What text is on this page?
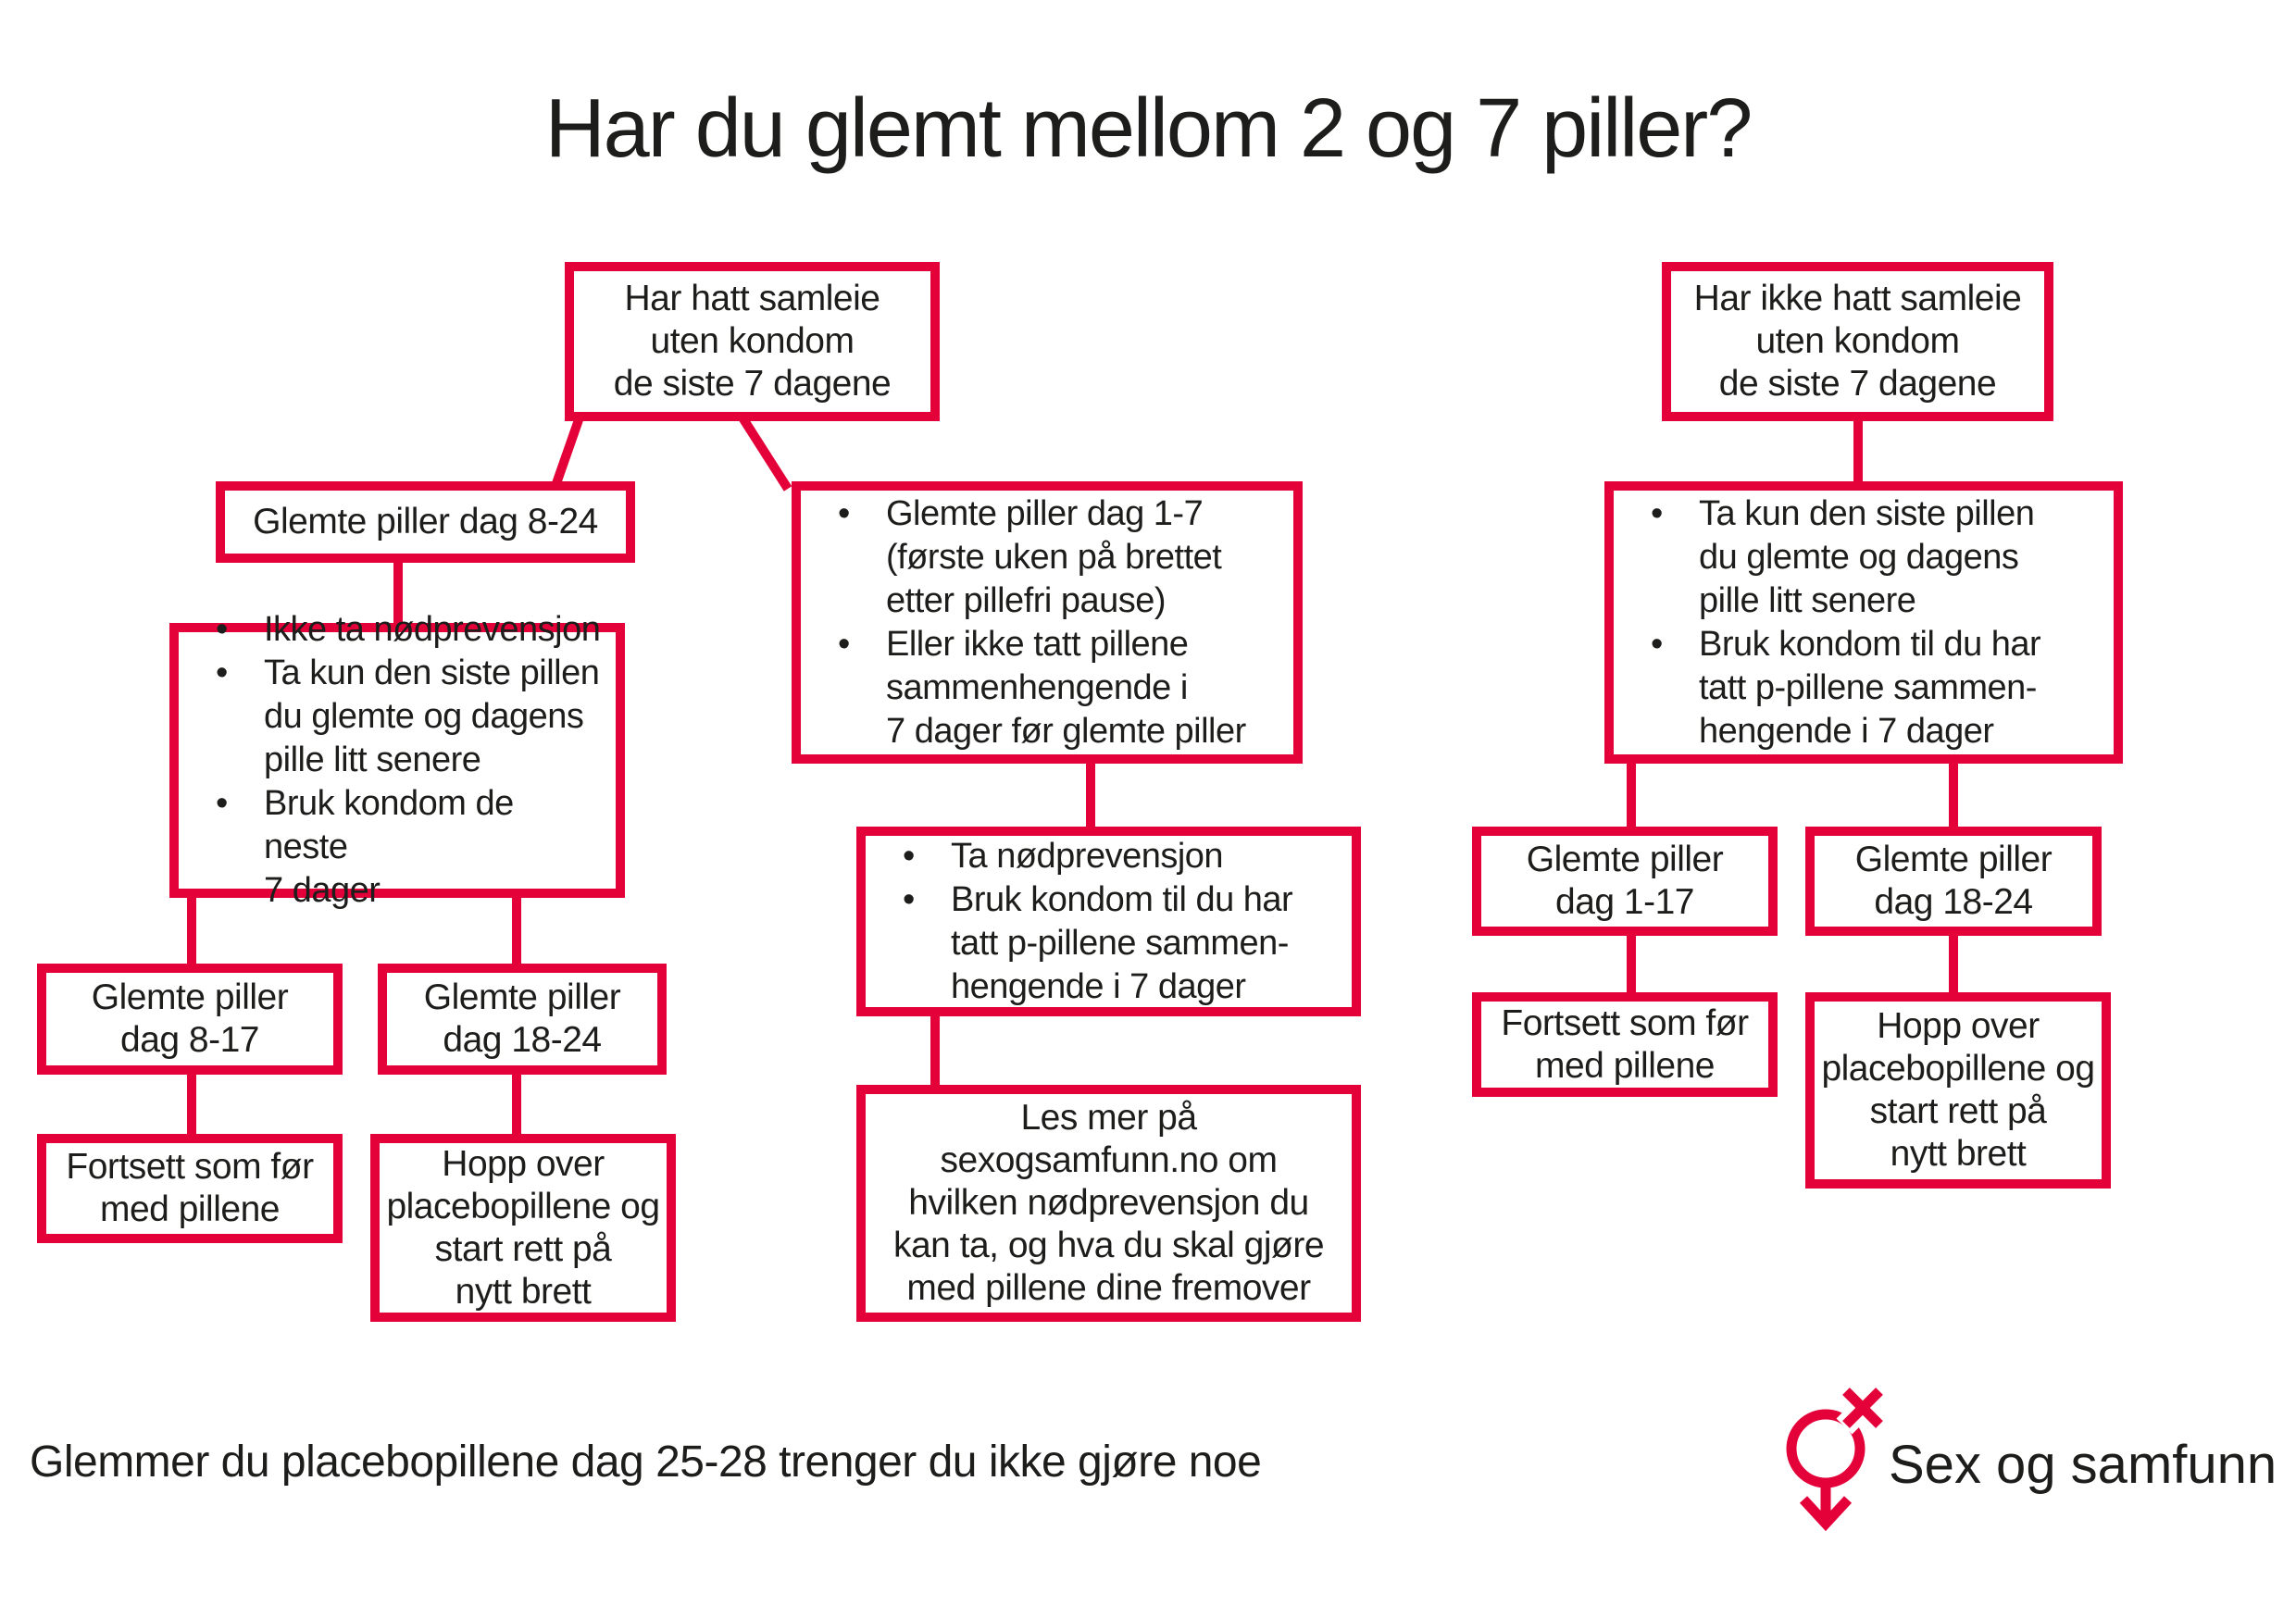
Har du glemt mellom 2 og 7 piller?
Har hatt samleie
uten kondom
de siste 7 dagene
Glemte piller dag 8-24
• Ikke ta nødprevensjon
• Ta kun den siste pillen
du glemte og dagens
pille litt senere
• Bruk kondom de neste
7 dager
Glemte piller
dag 8-17
Fortsett som før
med pillene
Glemte piller
dag 18-24
Hopp over
placebopillene og
start rett på
nytt brett
• Glemte piller dag 1-7
(første uken på brettet
etter pillefri pause)
• Eller ikke tatt pillene
sammenhengende i
7 dager før glemte piller
• Ta nødprevensjon
• Bruk kondom til du har
tatt p-pillene sammen-
hengende i 7 dager
Les mer på
sexogsamfunn.no om
hvilken nødprevensjon du
kan ta, og hva du skal gjøre
med pillene dine fremover
Har ikke hatt samleie
uten kondom
de siste 7 dagene
• Ta kun den siste pillen
du glemte og dagens
pille litt senere
• Bruk kondom til du har
tatt p-pillene sammen-
hengende i 7 dager
Glemte piller
dag 1-17
Fortsett som før
med pillene
Glemte piller
dag 18-24
Hopp over
placebopillene og
start rett på
nytt brett
Glemmer du placebopillene dag 25-28 trenger du ikke gjøre noe	Sex og samfunn
